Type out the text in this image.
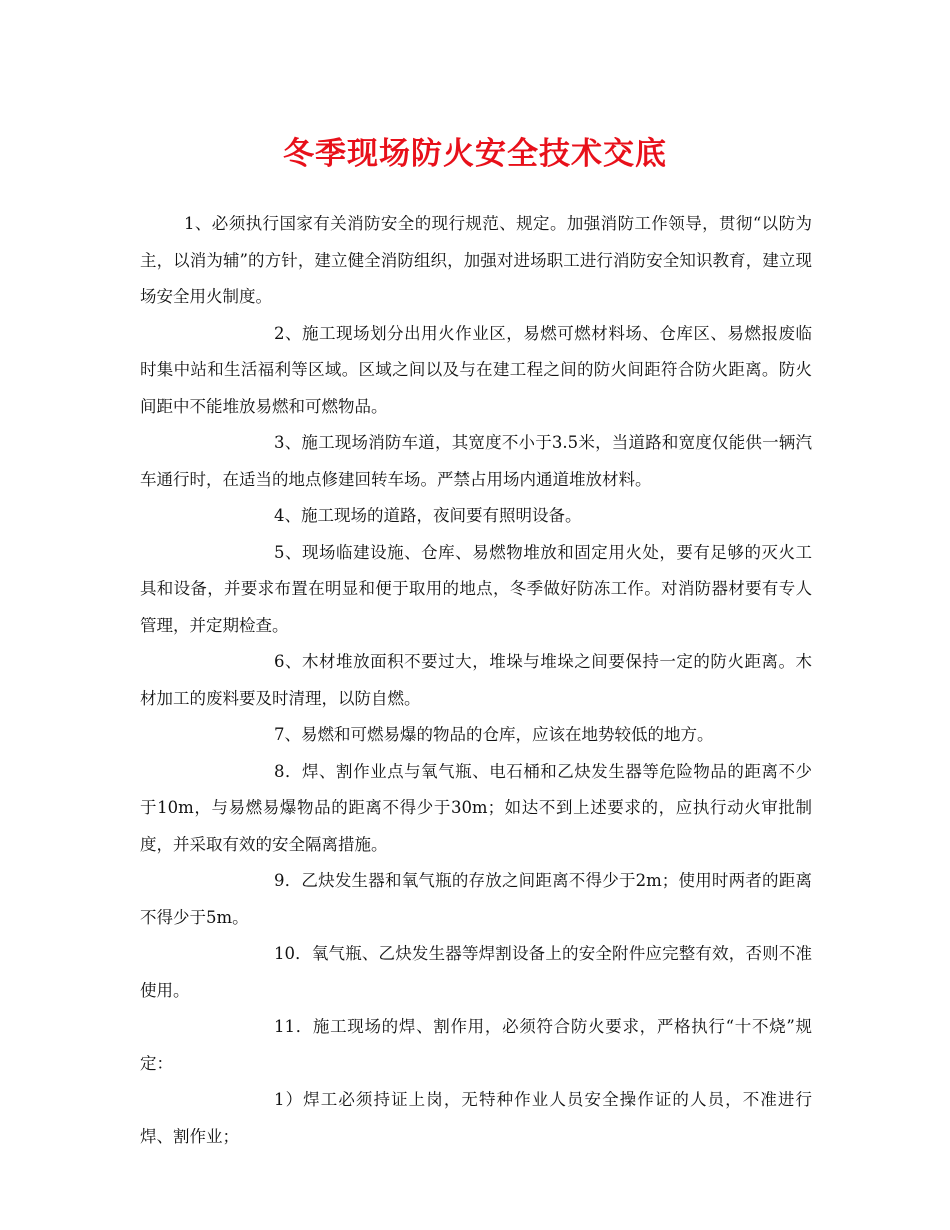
冬季现场防火安全技术交底

1、必须执行国家有关消防安全的现行规范、规定。加强消防工作领导，贯彻“以防为主，以消为辅”的方针，建立健全消防组织，加强对进场职工进行消防安全知识教育，建立现场安全用火制度。

2、施工现场划分出用火作业区，易燃可燃材料场、仓库区、易燃报废临时集中站和生活福利等区域。区域之间以及与在建工程之间的防火间距符合防火距离。防火间距中不能堆放易燃和可燃物品。

3、施工现场消防车道，其宽度不小于3.5米，当道路和宽度仅能供一辆汽车通行时，在适当的地点修建回转车场。严禁占用场内通道堆放材料。

4、施工现场的道路，夜间要有照明设备。

5、现场临建设施、仓库、易燃物堆放和固定用火处，要有足够的灭火工具和设备，并要求布置在明显和便于取用的地点，冬季做好防冻工作。对消防器材要有专人管理，并定期检查。

6、木材堆放面积不要过大，堆垛与堆垛之间要保持一定的防火距离。木材加工的废料要及时清理，以防自燃。

7、易燃和可燃易爆的物品的仓库，应该在地势较低的地方。

8．焊、割作业点与氧气瓶、电石桶和乙炔发生器等危险物品的距离不少于10m，与易燃易爆物品的距离不得少于30m；如达不到上述要求的，应执行动火审批制度，并采取有效的安全隔离措施。

9．乙炔发生器和氧气瓶的存放之间距离不得少于2m；使用时两者的距离不得少于5m。

10．氧气瓶、乙炔发生器等焊割设备上的安全附件应完整有效，否则不准使用。

11．施工现场的焊、割作用，必须符合防火要求，严格执行“十不烧”规定：

1）焊工必须持证上岗，无特种作业人员安全操作证的人员，不准进行焊、割作业；
